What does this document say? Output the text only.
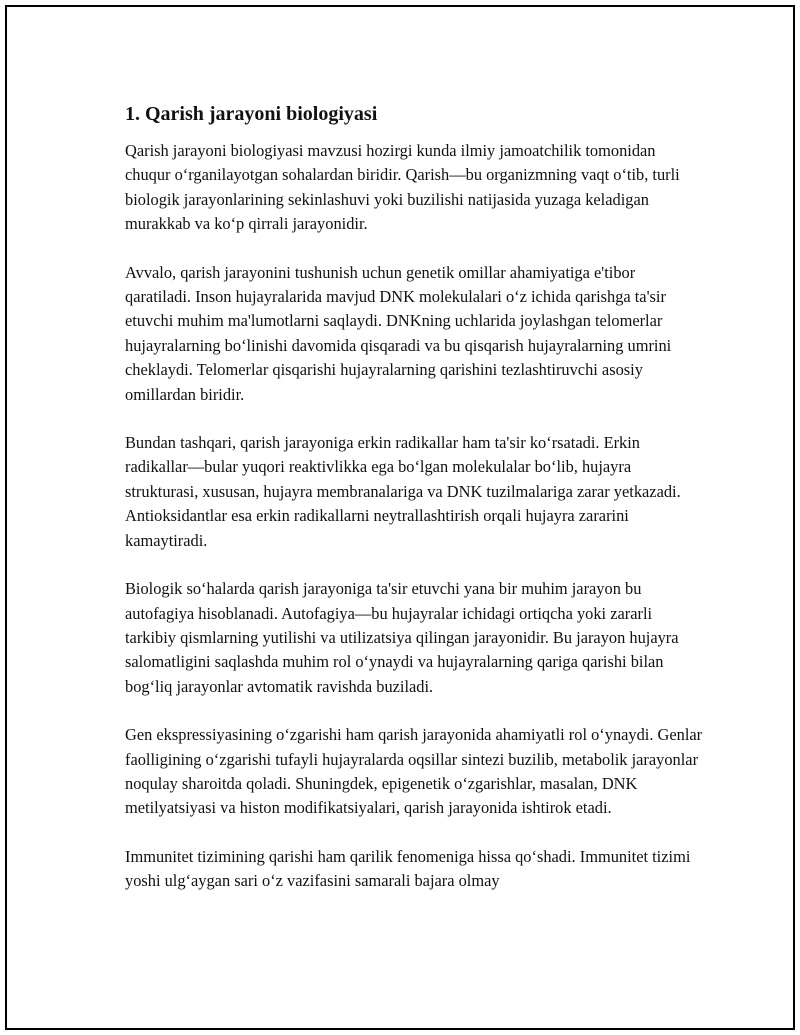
1. Qarish jarayoni biologiyasi

Qarish jarayoni biologiyasi mavzusi hozirgi kunda ilmiy jamoatchilik tomonidan chuqur o‘rganilayotgan sohalardan biridir. Qarish—bu organizmning vaqt o‘tib, turli biologik jarayonlarining sekinlashuvi yoki buzilishi natijasida yuzaga keladigan murakkab va ko‘p qirrali jarayonidir.

Avvalo, qarish jarayonini tushunish uchun genetik omillar ahamiyatiga e'tibor qaratiladi. Inson hujayralarida mavjud DNK molekulalari o‘z ichida qarishga ta'sir etuvchi muhim ma'lumotlarni saqlaydi. DNKning uchlarida joylashgan telomerlar hujayralarning bo‘linishi davomida qisqaradi va bu qisqarish hujayralarning umrini cheklaydi. Telomerlar qisqarishi hujayralarning qarishini tezlashtiruvchi asosiy omillardan biridir.

Bundan tashqari, qarish jarayoniga erkin radikallar ham ta'sir ko‘rsatadi. Erkin radikallar—bular yuqori reaktivlikka ega bo‘lgan molekulalar bo‘lib, hujayra strukturasi, xususan, hujayra membranalariga va DNK tuzilmalariga zarar yetkazadi. Antioksidantlar esa erkin radikallarni neytrallashtirish orqali hujayra zararini kamaytiradi.

Biologik so‘halarda qarish jarayoniga ta'sir etuvchi yana bir muhim jarayon bu autofagiya hisoblanadi. Autofagiya—bu hujayralar ichidagi ortiqcha yoki zararli tarkibiy qismlarning yutilishi va utilizatsiya qilingan jarayonidir. Bu jarayon hujayra salomatligini saqlashda muhim rol o‘ynaydi va hujayralarning qariga qarishi bilan bog‘liq jarayonlar avtomatik ravishda buziladi.

Gen ekspressiyasining o‘zgarishi ham qarish jarayonida ahamiyatli rol o‘ynaydi. Genlar faolligining o‘zgarishi tufayli hujayralarda oqsillar sintezi buzilib, metabolik jarayonlar noqulay sharoitda qoladi. Shuningdek, epigenetik o‘zgarishlar, masalan, DNK metilyatsiyasi va histon modifikatsiyalari, qarish jarayonida ishtirok etadi.

Immunitet tizimining qarishi ham qarilik fenomeniga hissa qo‘shadi. Immunitet tizimi yoshi ulg‘aygan sari o‘z vazifasini samarali bajara olmay
